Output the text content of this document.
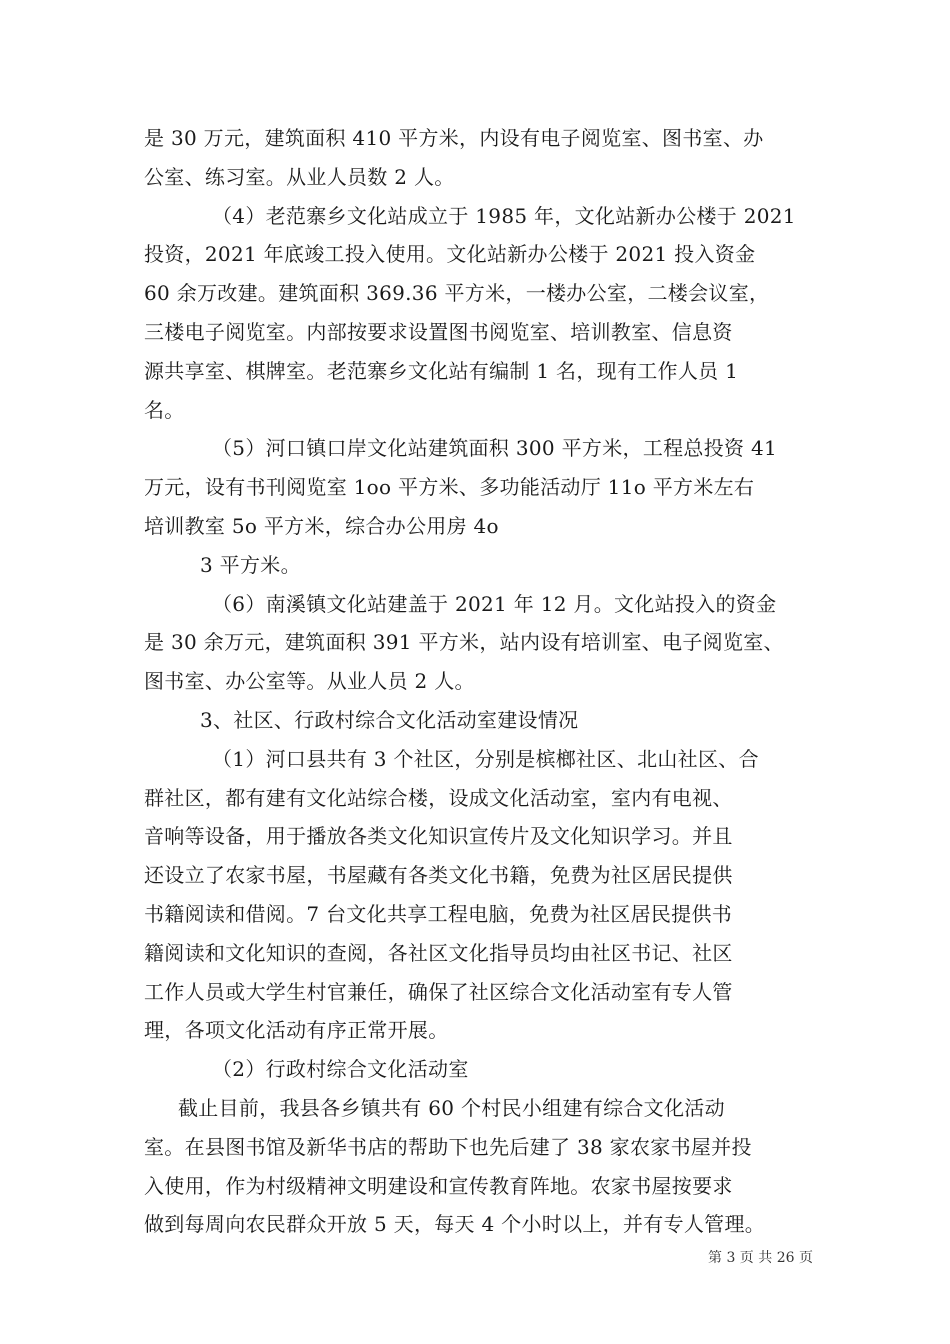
是 30 万元，建筑面积 410 平方米，内设有电子阅览室、图书室、办
公室、练习室。从业人员数 2 人。
（4）老范寨乡文化站成立于 1985 年，文化站新办公楼于 2021
投资，2021 年底竣工投入使用。文化站新办公楼于 2021 投入资金
60 余万改建。建筑面积 369.36 平方米，一楼办公室，二楼会议室，
三楼电子阅览室。内部按要求设置图书阅览室、培训教室、信息资
源共享室、棋牌室。老范寨乡文化站有编制 1 名，现有工作人员 1
名。
（5）河口镇口岸文化站建筑面积 300 平方米，工程总投资 41
万元，设有书刊阅览室 1oo 平方米、多功能活动厅 11o 平方米左右
培训教室 5o 平方米，综合办公用房 4o
3 平方米。
（6）南溪镇文化站建盖于 2021 年 12 月。文化站投入的资金
是 30 余万元，建筑面积 391 平方米，站内设有培训室、电子阅览室、
图书室、办公室等。从业人员 2 人。
3、社区、行政村综合文化活动室建设情况
（1）河口县共有 3 个社区，分别是槟榔社区、北山社区、合
群社区，都有建有文化站综合楼，设成文化活动室，室内有电视、
音响等设备，用于播放各类文化知识宣传片及文化知识学习。并且
还设立了农家书屋，书屋藏有各类文化书籍，免费为社区居民提供
书籍阅读和借阅。7 台文化共享工程电脑，免费为社区居民提供书
籍阅读和文化知识的查阅，各社区文化指导员均由社区书记、社区
工作人员或大学生村官兼任，确保了社区综合文化活动室有专人管
理，各项文化活动有序正常开展。
（2）行政村综合文化活动室
截止目前，我县各乡镇共有 60 个村民小组建有综合文化活动
室。在县图书馆及新华书店的帮助下也先后建了 38 家农家书屋并投
入使用，作为村级精神文明建设和宣传教育阵地。农家书屋按要求
做到每周向农民群众开放 5 天，每天 4 个小时以上，并有专人管理。
第 3 页 共 26 页
